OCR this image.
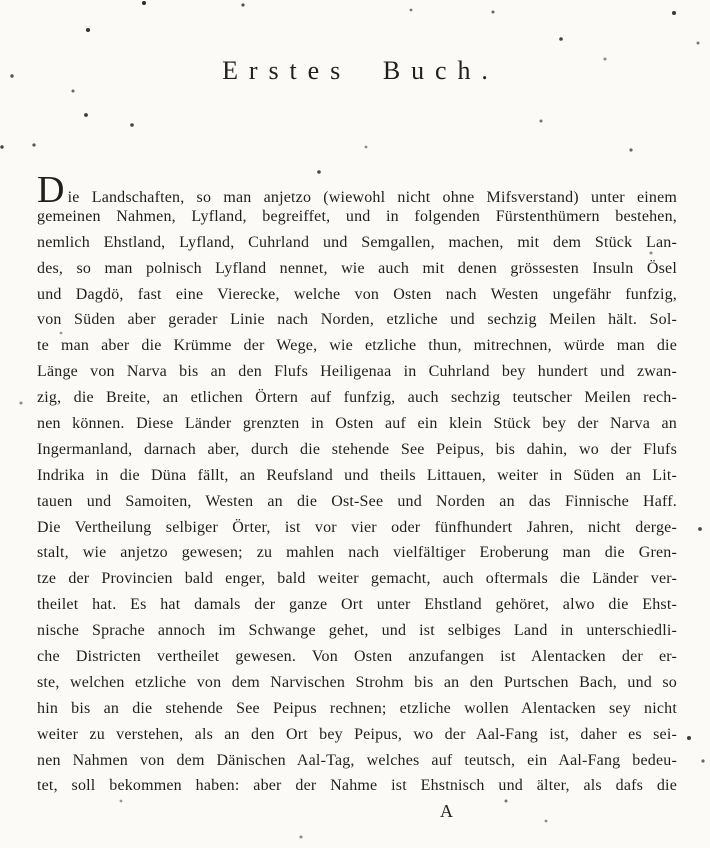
Erstes Buch.
Die Landschaften, so man anjetzo (wiewohl nicht ohne Mifsverstand) unter einem
gemeinen Nahmen, Lyfland, begreiffet, und in folgenden Fürstenthümern bestehen,
nemlich Ehstland, Lyfland, Cuhrland und Semgallen, machen, mit dem Stück Lan-
des, so man polnisch Lyfland nennet, wie auch mit denen grössesten Insuln Ösel
und Dagdö, fast eine Vierecke, welche von Osten nach Westen ungefähr funfzig,
von Süden aber gerader Linie nach Norden, etzliche und sechzig Meilen hält. Sol-
te man aber die Krümme der Wege, wie etzliche thun, mitrechnen, würde man die
Länge von Narva bis an den Flufs Heiligenaa in Cuhrland bey hundert und zwan-
zig, die Breite, an etlichen Örtern auf funfzig, auch sechzig teutscher Meilen rech-
nen können. Diese Länder grenzten in Osten auf ein klein Stück bey der Narva an
Ingermanland, darnach aber, durch die stehende See Peipus, bis dahin, wo der Flufs
Indrika in die Düna fällt, an Reufsland und theils Littauen, weiter in Süden an Lit-
tauen und Samoiten, Westen an die Ost-See und Norden an das Finnische Haff.
Die Vertheilung selbiger Örter, ist vor vier oder fünfhundert Jahren, nicht derge-
stalt, wie anjetzo gewesen; zu mahlen nach vielfältiger Eroberung man die Gren-
tze der Provincien bald enger, bald weiter gemacht, auch oftermals die Länder ver-
theilet hat. Es hat damals der ganze Ort unter Ehstland gehöret, alwo die Ehst-
nische Sprache annoch im Schwange gehet, und ist selbiges Land in unterschiedli-
che Districten vertheilet gewesen. Von Osten anzufangen ist Alentacken der er-
ste, welchen etzliche von dem Narvischen Strohm bis an den Purtschen Bach, und so
hin bis an die stehende See Peipus rechnen; etzliche wollen Alentacken sey nicht
weiter zu verstehen, als an den Ort bey Peipus, wo der Aal-Fang ist, daher es sei-
nen Nahmen von dem Dänischen Aal-Tag, welches auf teutsch, ein Aal-Fang bedeu-
tet, soll bekommen haben: aber der Nahme ist Ehstnisch und älter, als dafs die
A
